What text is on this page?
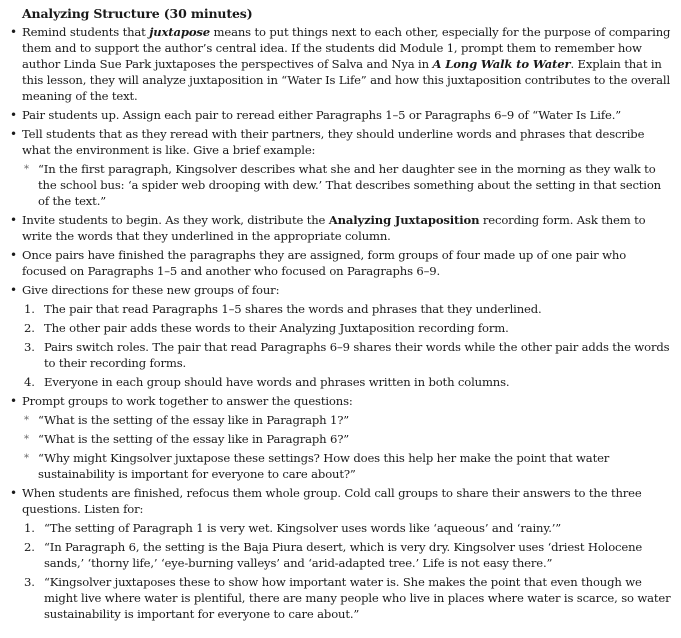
Analyzing Structure (30 minutes)
• Remind students that juxtapose means to put things next to each other, especially for the purpose of comparing them and to support the author’s central idea. If the students did Module 1, prompt them to remember how author Linda Sue Park juxtaposes the perspectives of Salva and Nya in A Long Walk to Water. Explain that in this lesson, they will analyze juxtaposition in “Water Is Life” and how this juxtaposition contributes to the overall meaning of the text.
• Pair students up. Assign each pair to reread either Paragraphs 1–5 or Paragraphs 6–9 of “Water Is Life.”
• Tell students that as they reread with their partners, they should underline words and phrases that describe what the environment is like. Give a brief example:
* “In the first paragraph, Kingsolver describes what she and her daughter see in the morning as they walk to the school bus: ‘a spider web drooping with dew.’ That describes something about the setting in that section of the text.”
• Invite students to begin. As they work, distribute the Analyzing Juxtaposition recording form. Ask them to write the words that they underlined in the appropriate column.
• Once pairs have finished the paragraphs they are assigned, form groups of four made up of one pair who focused on Paragraphs 1–5 and another who focused on Paragraphs 6–9.
• Give directions for these new groups of four:
1. The pair that read Paragraphs 1–5 shares the words and phrases that they underlined.
2. The other pair adds these words to their Analyzing Juxtaposition recording form.
3. Pairs switch roles. The pair that read Paragraphs 6–9 shares their words while the other pair adds the words to their recording forms.
4. Everyone in each group should have words and phrases written in both columns.
• Prompt groups to work together to answer the questions:
* “What is the setting of the essay like in Paragraph 1?”
* “What is the setting of the essay like in Paragraph 6?”
* “Why might Kingsolver juxtapose these settings? How does this help her make the point that water sustainability is important for everyone to care about?”
• When students are finished, refocus them whole group. Cold call groups to share their answers to the three questions. Listen for:
1. “The setting of Paragraph 1 is very wet. Kingsolver uses words like ‘aqueous’ and ‘rainy.’”
2. “In Paragraph 6, the setting is the Baja Piura desert, which is very dry. Kingsolver uses ‘driest Holocene sands,’ ‘thorny life,’ ‘eye-burning valleys’ and ‘arid-adapted tree.’ Life is not easy there.”
3. “Kingsolver juxtaposes these to show how important water is. She makes the point that even though we might live where water is plentiful, there are many people who live in places where water is scarce, so water sustainability is important for everyone to care about.”
